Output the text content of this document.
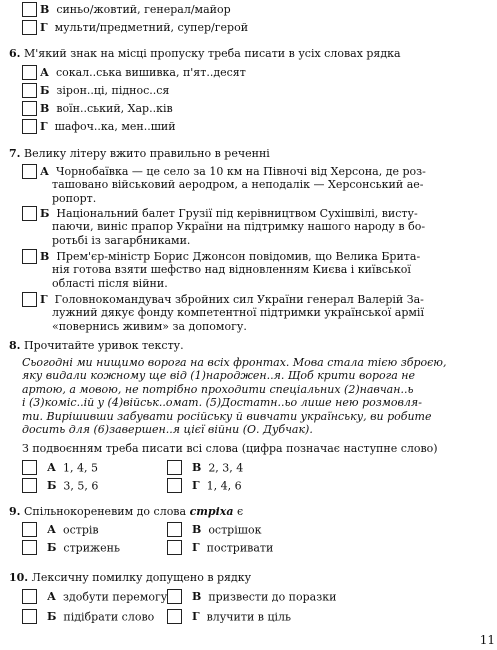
В синьо/жовтий, генерал/майор
Г мульти/предметний, супер/герой
6. М'який знак на місці пропуску треба писати в усіх словах рядка
А сокал..ська вишивка, п'ят..десят
Б зірон..ці, піднос..ся
В воїн..ський, Хар..ків
Г шафоч..ка, мен..ший
7. Велику літеру вжито правильно в реченні
А Чорнобаївка — це село за 10 км на Півночі від Херсона, де роз-
ташовано військовий аеродром, а неподалік — Херсонський ае-
ропорт.
Б Національний балет Грузії під керівництвом Сухішвілі, висту-
паючи, виніс прапор України на підтримку нашого народу в бо-
ротьбі із загарбниками.
В Прем'єр-міністр Борис Джонсон повідомив, що Велика Брита-
нія готова взяти шефство над відновленням Києва і київської
області після війни.
Г Головнокомандувач збройних сил України генерал Валерій За-
лужний дякує фонду компетентної підтримки української армії
«повернись живим» за допомогу.
8. Прочитайте уривок тексту.
Сьогодні ми нищимо ворога на всіх фронтах. Мова стала тією зброєю,
яку видали кожному ще від (1)народжен..я. Щоб крити ворога не
артою, а мовою, не потрібно проходити спеціальних (2)навчан..ь
і (3)коміс..ій у (4)військ..омат. (5)Достатн..ьо лише нею розмовля-
ти. Вирішивши забувати російську й вивчати українську, ви робите
досить для (6)завершен..я цієї війни (О. Дубчак).
З подвоєнням треба писати всі слова (цифра позначає наступне слово)
А 1, 4, 5
Б 3, 5, 6
В 2, 3, 4
Г 1, 4, 6
9. Спільнокореневим до слова стріха є
А острів
Б стрижень
В острішок
Г постривати
10. Лексичну помилку допущено в рядку
А здобути перемогу
Б підібрати слово
В призвести до поразки
Г влучити в ціль
11
